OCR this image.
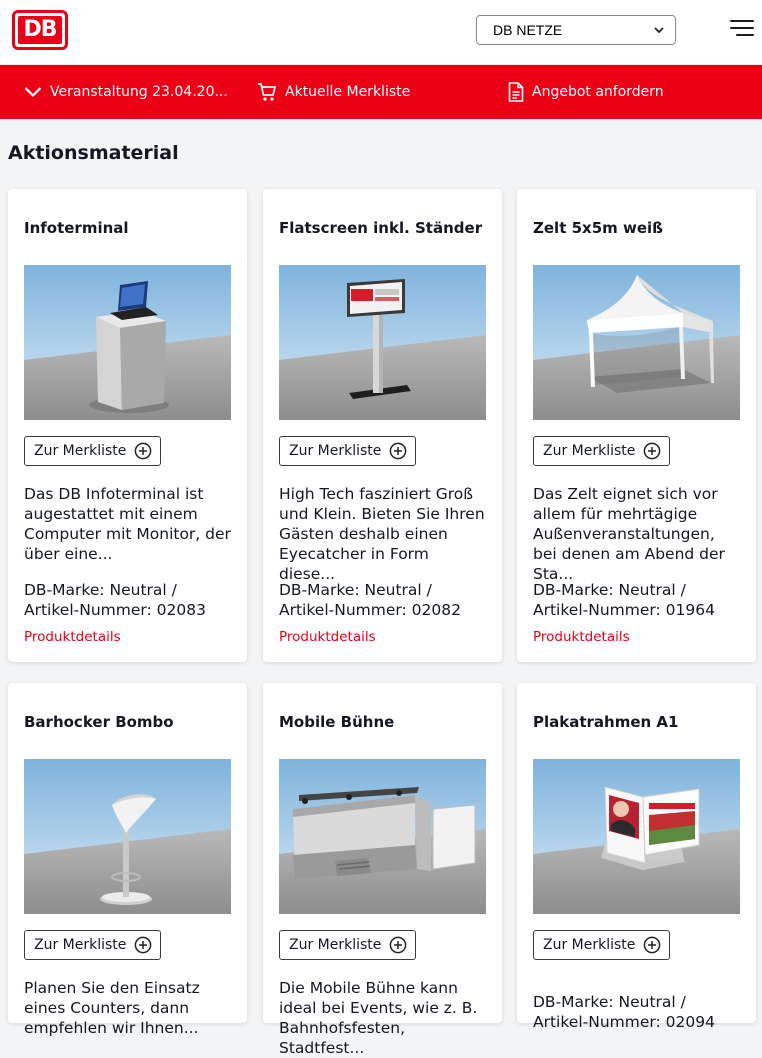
DB	DB NETZE
Veranstaltung 23.04.20...	Aktuelle Merkliste	Angebot anfordern
Aktionsmaterial
Infoterminal
Zur Merkliste
Das DB Infoterminal ist augestattet mit einem Computer mit Monitor, der über eine...
DB-Marke: Neutral /
Artikel-Nummer: 02083
Produktdetails
Flatscreen inkl. Ständer
Zur Merkliste
High Tech fasziniert Groß und Klein. Bieten Sie Ihren Gästen deshalb einen Eyecatcher in Form diese...
DB-Marke: Neutral /
Artikel-Nummer: 02082
Produktdetails
Zelt 5x5m weiß
Zur Merkliste
Das Zelt eignet sich vor allem für mehrtägige Außenveranstaltungen, bei denen am Abend der Sta...
DB-Marke: Neutral /
Artikel-Nummer: 01964
Produktdetails
Barhocker Bombo
Zur Merkliste
Planen Sie den Einsatz eines Counters, dann empfehlen wir Ihnen...
Mobile Bühne
Zur Merkliste
Die Mobile Bühne kann ideal bei Events, wie z. B. Bahnhofsfesten, Stadtfest...
Plakatrahmen A1
Zur Merkliste
DB-Marke: Neutral /
Artikel-Nummer: 02094
